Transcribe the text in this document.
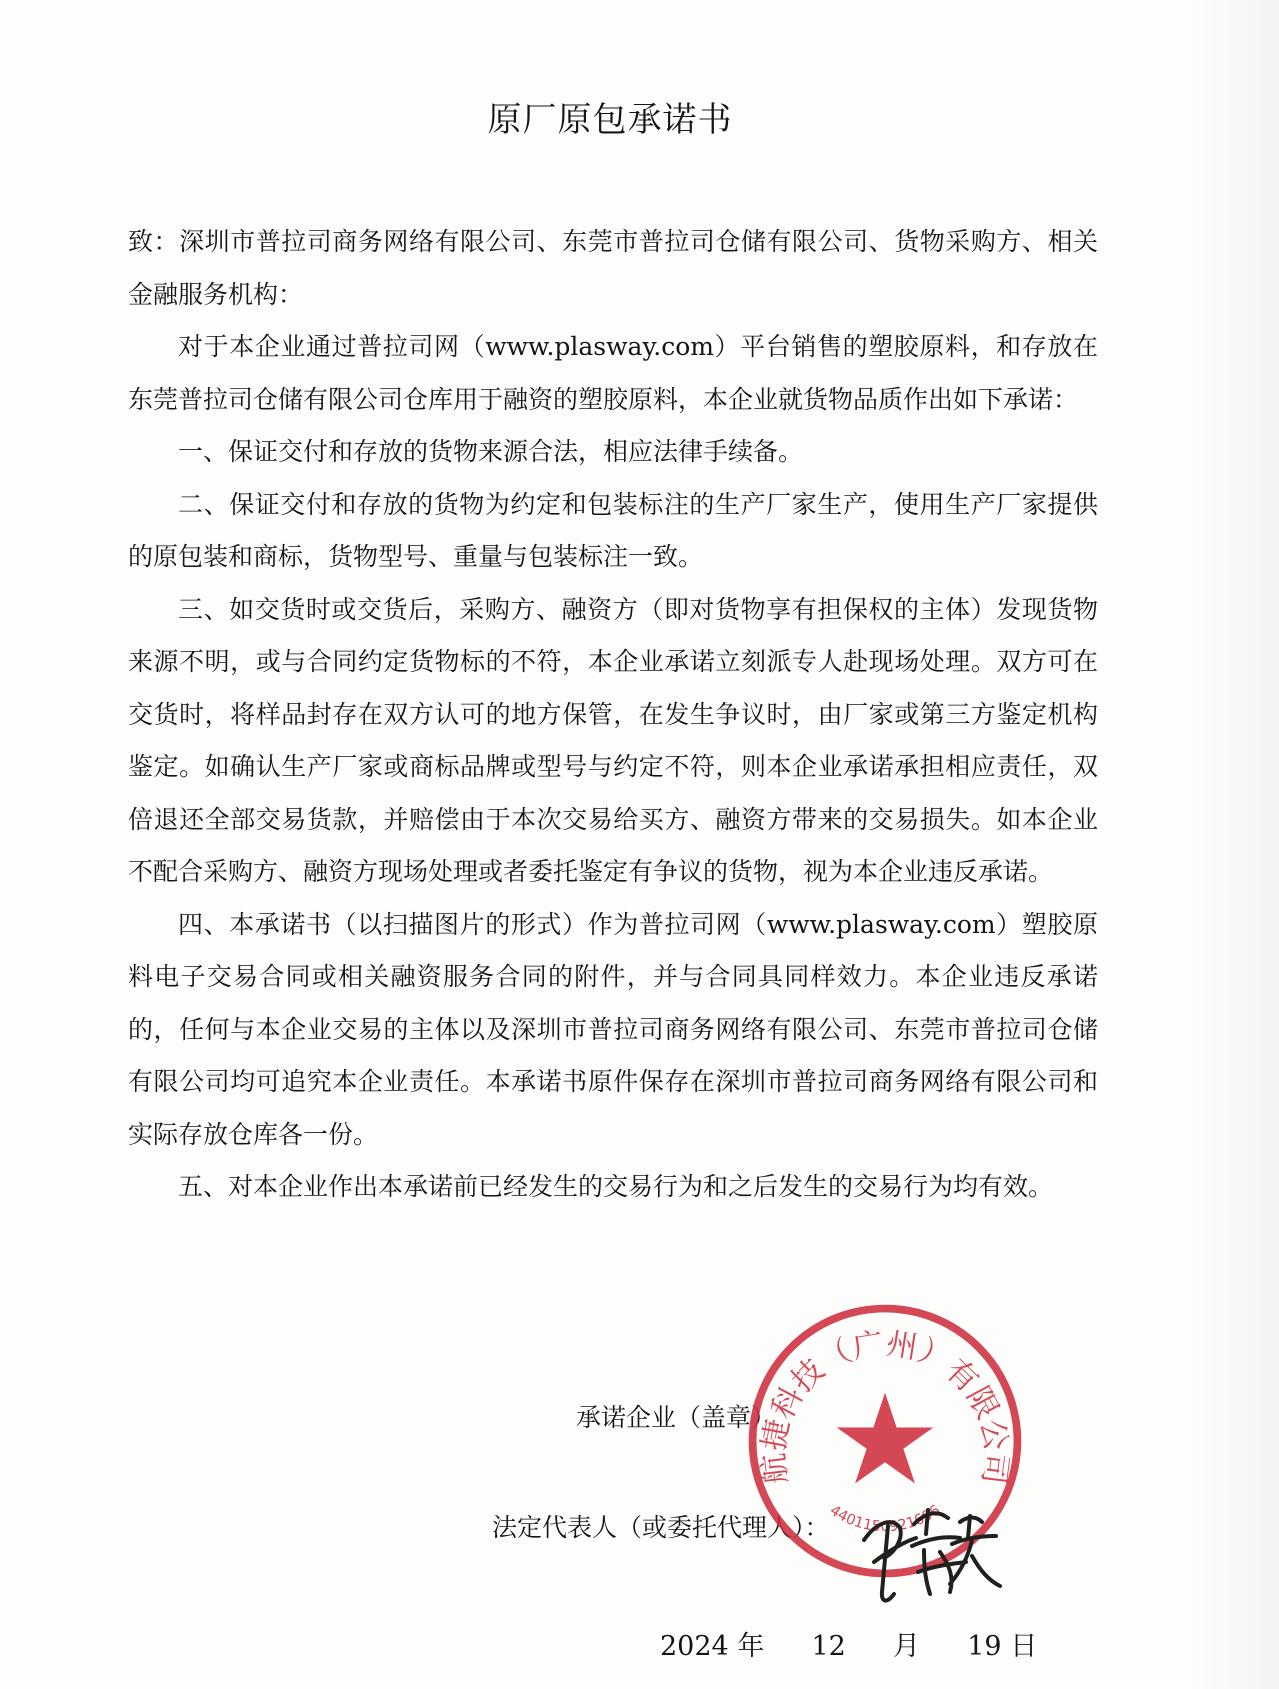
原厂原包承诺书

致：深圳市普拉司商务网络有限公司、东莞市普拉司仓储有限公司、货物采购方、相关金融服务机构：

对于本企业通过普拉司网（www.plasway.com）平台销售的塑胶原料，和存放在东莞普拉司仓储有限公司仓库用于融资的塑胶原料，本企业就货物品质作出如下承诺：

一、保证交付和存放的货物来源合法，相应法律手续备。

二、保证交付和存放的货物为约定和包装标注的生产厂家生产，使用生产厂家提供的原包装和商标，货物型号、重量与包装标注一致。

三、如交货时或交货后，采购方、融资方（即对货物享有担保权的主体）发现货物来源不明，或与合同约定货物标的不符，本企业承诺立刻派专人赴现场处理。双方可在交货时，将样品封存在双方认可的地方保管，在发生争议时，由厂家或第三方鉴定机构鉴定。如确认生产厂家或商标品牌或型号与约定不符，则本企业承诺承担相应责任，双倍退还全部交易货款，并赔偿由于本次交易给买方、融资方带来的交易损失。如本企业不配合采购方、融资方现场处理或者委托鉴定有争议的货物，视为本企业违反承诺。

四、本承诺书（以扫描图片的形式）作为普拉司网（www.plasway.com）塑胶原料电子交易合同或相关融资服务合同的附件，并与合同具同样效力。本企业违反承诺的，任何与本企业交易的主体以及深圳市普拉司商务网络有限公司、东莞市普拉司仓储有限公司均可追究本企业责任。本承诺书原件保存在深圳市普拉司商务网络有限公司和实际存放仓库各一份。

五、对本企业作出本承诺前已经发生的交易行为和之后发生的交易行为均有效。

承诺企业（盖章）
法定代表人（或委托代理人）：
2024 年 12 月 19 日
航捷科技（广州）有限公司
4401150921696
